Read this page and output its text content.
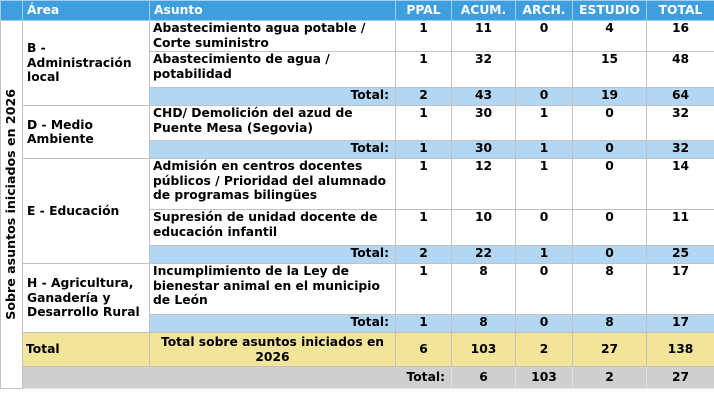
	Área	Asunto	PPAL	ACUM.	ARCH.	ESTUDIO	TOTAL	

Sobre asuntos iniciados en 2026	B - Administración local	Abastecimiento agua potable / Corte suministro	1	11	0	4	16	
		Abastecimiento de agua / potabilidad	1	32		15	48	
		Total:	2	43	0	19	64	
	D - Medio Ambiente	CHD/ Demolición del azud de Puente Mesa (Segovia)	1	30	1	0	32	
		Total:	1	30	1	0	32	
	E - Educación	Admisión en centros docentes públicos / Prioridad del alumnado de programas bilingües	1	12	1	0	14	
		Supresión de unidad docente de educación infantil	1	10	0	0	11	
		Total:	2	22	1	0	25	
	H - Agricultura, Ganadería y Desarrollo Rural	Incumplimiento de la Ley de bienestar animal en el municipio de León	1	8	0	8	17	
		Total:	1	8	0	8	17	
	Total	Total sobre asuntos iniciados en 2026	6	103	2	27	138	
	Total:			6	103	2	27	
